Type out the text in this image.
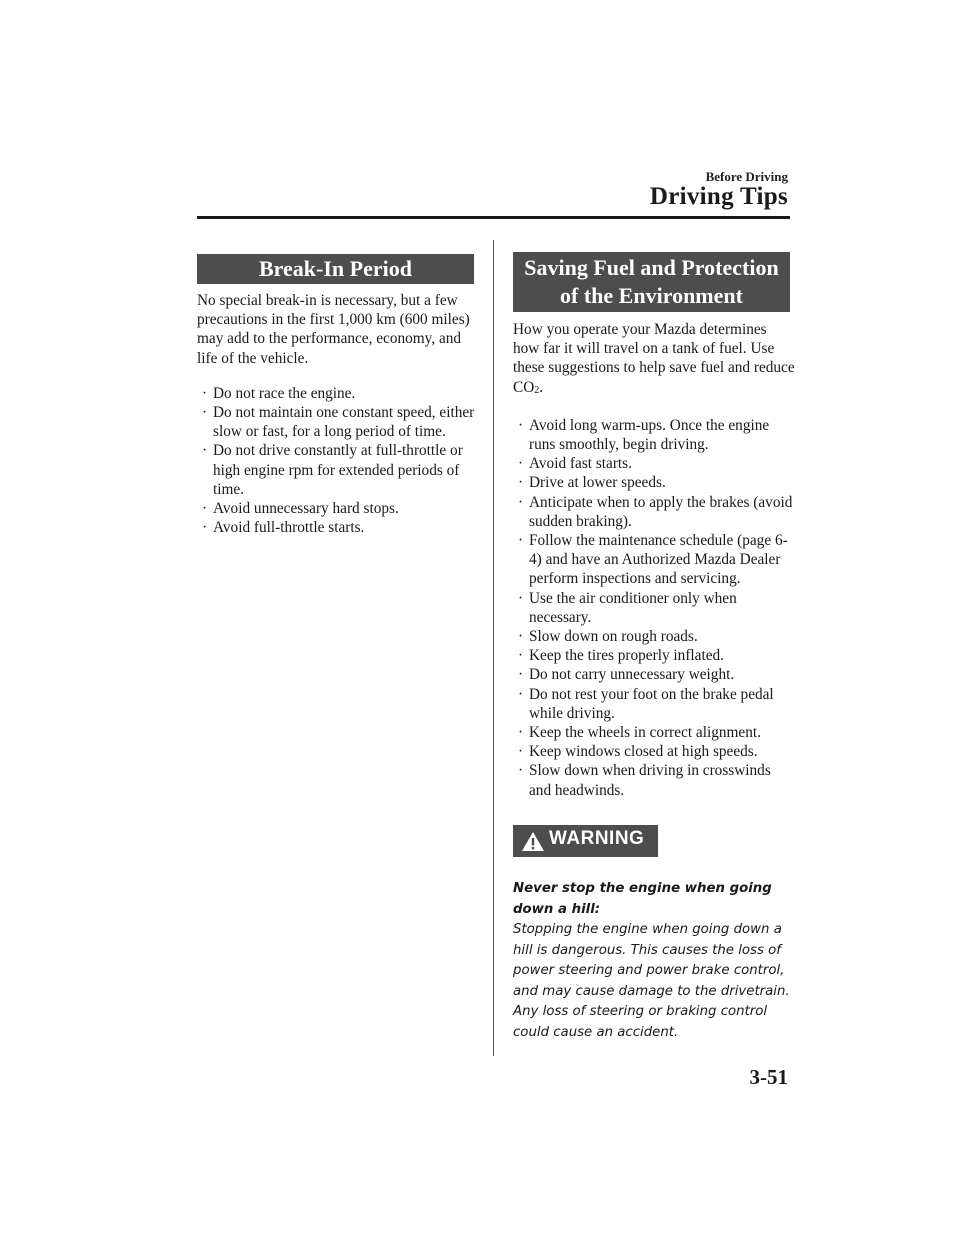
Before Driving
Driving Tips
Break-In Period

No special break-in is necessary, but a few precautions in the first 1,000 km (600 miles) may add to the performance, economy, and life of the vehicle.

· Do not race the engine.
· Do not maintain one constant speed, either slow or fast, for a long period of time.
· Do not drive constantly at full-throttle or high engine rpm for extended periods of time.
· Avoid unnecessary hard stops.
· Avoid full-throttle starts.
Saving Fuel and Protection
of the Environment

How you operate your Mazda determines how far it will travel on a tank of fuel. Use these suggestions to help save fuel and reduce $CO_2$.

· Avoid long warm-ups. Once the engine runs smoothly, begin driving.
· Avoid fast starts.
· Drive at lower speeds.
· Anticipate when to apply the brakes (avoid sudden braking).
· Follow the maintenance schedule (page 6-4) and have an Authorized Mazda Dealer perform inspections and servicing.
· Use the air conditioner only when necessary.
· Slow down on rough roads.
· Keep the tires properly inflated.
· Do not carry unnecessary weight.
· Do not rest your foot on the brake pedal while driving.
· Keep the wheels in correct alignment.
· Keep windows closed at high speeds.
· Slow down when driving in crosswinds and headwinds.
WARNING
Never stop the engine when going down a hill:
Stopping the engine when going down a hill is dangerous. This causes the loss of power steering and power brake control, and may cause damage to the drivetrain. Any loss of steering or braking control could cause an accident.
3-51
